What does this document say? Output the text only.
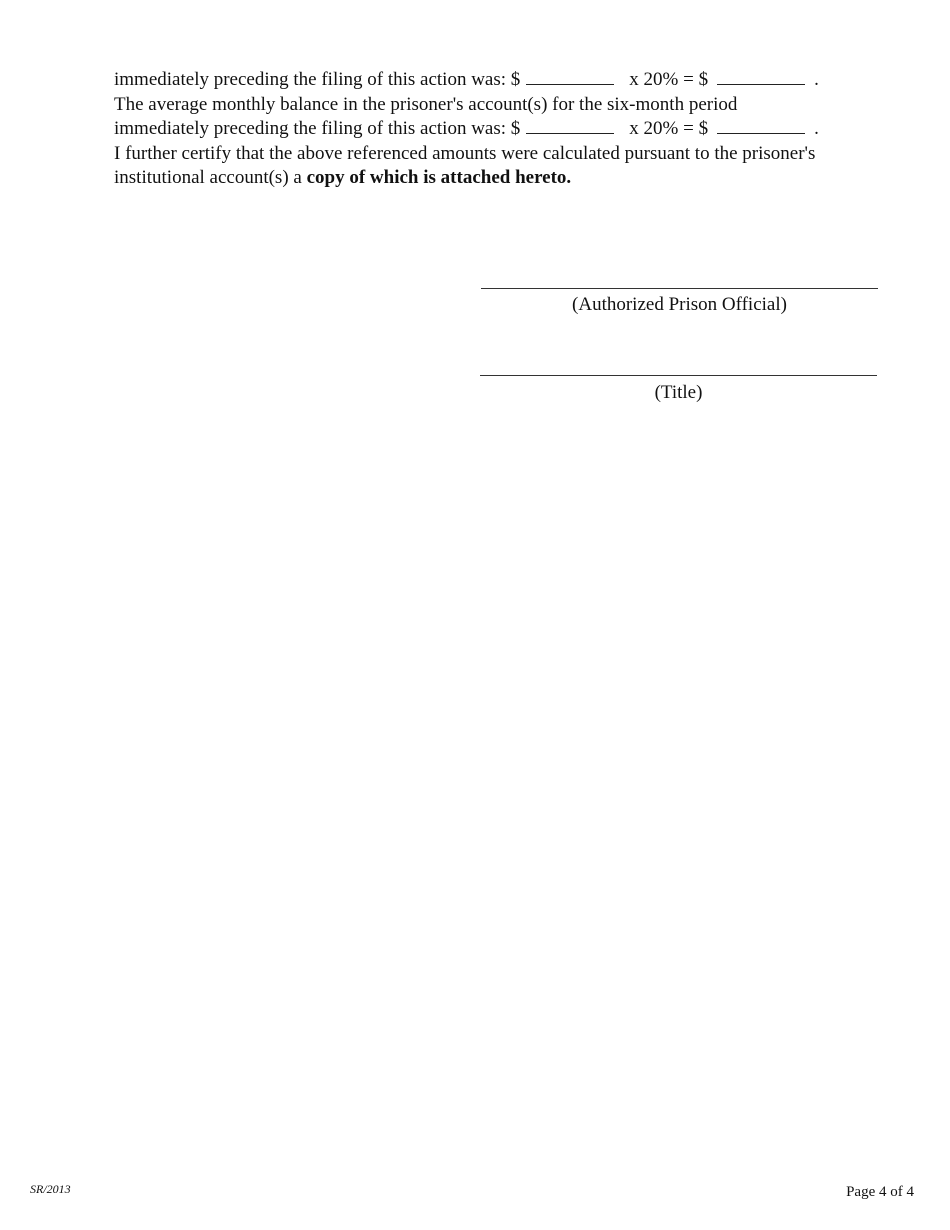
immediately preceding the filing of this action was: $	x 20% = $	.
The average monthly balance in the prisoner's account(s) for the six-month period
immediately preceding the filing of this action was: $	x 20% = $	.
I further certify that the above referenced amounts were calculated pursuant to the prisoner's
institutional account(s) a copy of which is attached hereto.
(Authorized Prison Official)
(Title)
SR/2013	Page 4 of 4
